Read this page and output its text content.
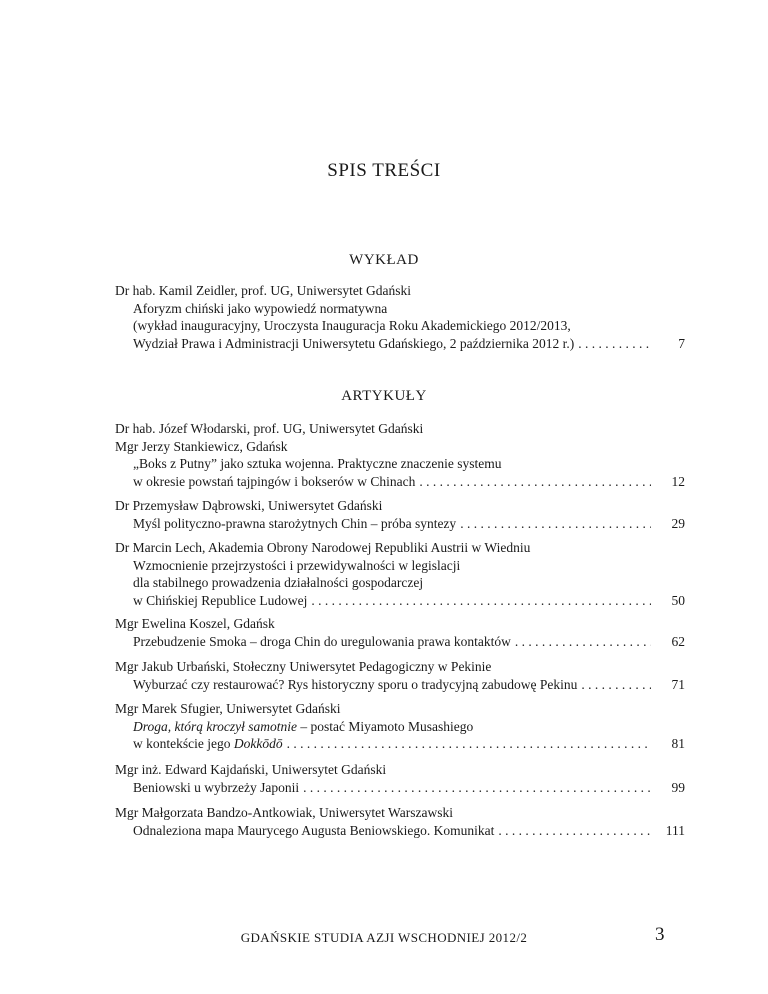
SPIS TREŚCI
WYKŁAD
Dr hab. Kamil Zeidler, prof. UG, Uniwersytet Gdański
Aforyzm chiński jako wypowiedź normatywna
(wykład inauguracyjny, Uroczysta Inauguracja Roku Akademickiego 2012/2013,
Wydział Prawa i Administracji Uniwersytetu Gdańskiego, 2 października 2012 r.) . . .	7
ARTYKUŁY
Dr hab. Józef Włodarski, prof. UG, Uniwersytet Gdański
Mgr Jerzy Stankiewicz, Gdańsk
„Boks z Putny” jako sztuka wojenna. Praktyczne znaczenie systemu
w okresie powstań tajpingów i bokserów w Chinach . . .	12
Dr Przemysław Dąbrowski, Uniwersytet Gdański
Myśl polityczno-prawna starożytnych Chin – próba syntezy . . .	29
Dr Marcin Lech, Akademia Obrony Narodowej Republiki Austrii w Wiedniu
Wzmocnienie przejrzystości i przewidywalności w legislacji
dla stabilnego prowadzenia działalności gospodarczej
w Chińskiej Republice Ludowej . . .	50
Mgr Ewelina Koszel, Gdańsk
Przebudzenie Smoka – droga Chin do uregulowania prawa kontaktów . . .	62
Mgr Jakub Urbański, Stołeczny Uniwersytet Pedagogiczny w Pekinie
Wyburzać czy restaurować? Rys historyczny sporu o tradycyjną zabudowę Pekinu . . .	71
Mgr Marek Sfugier, Uniwersytet Gdański
Droga, którą kroczył samotnie – postać Miyamoto Musashiego
w kontekście jego Dokkōdō . . .	81
Mgr inż. Edward Kajdański, Uniwersytet Gdański
Beniowski u wybrzeży Japonii . . .	99
Mgr Małgorzata Bandzo-Antkowiak, Uniwersytet Warszawski
Odnaleziona mapa Maurycego Augusta Beniowskiego. Komunikat . . .	111
GDAŃSKIE STUDIA AZJI WSCHODNIEJ 2012/2	3
